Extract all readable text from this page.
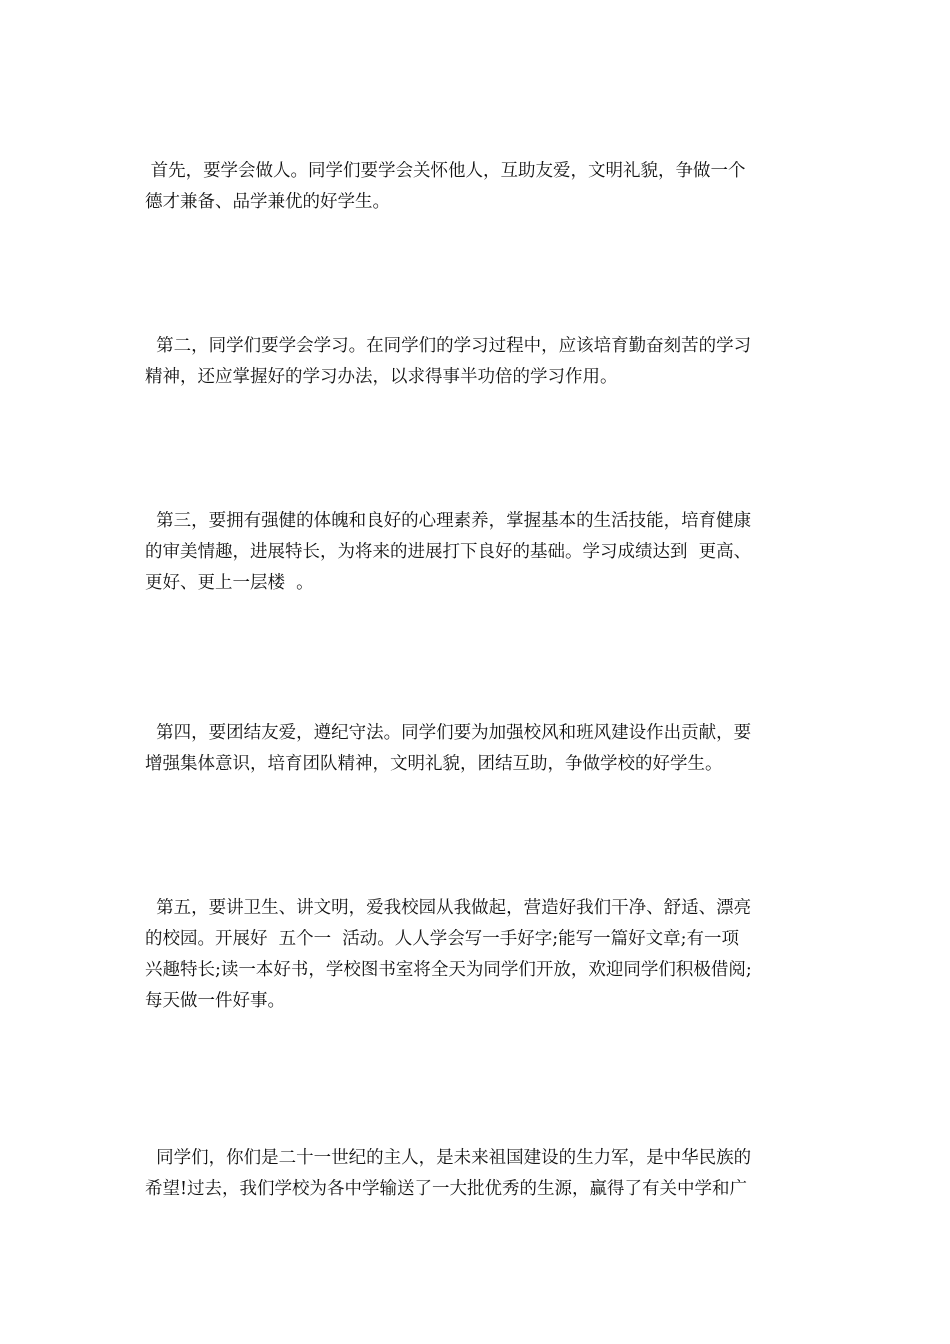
首先，要学会做人。同学们要学会关怀他人，互助友爱，文明礼貌，争做一个
德才兼备、品学兼优的好学生。
第二，同学们要学会学习。在同学们的学习过程中，应该培育勤奋刻苦的学习
精神，还应掌握好的学习办法，以求得事半功倍的学习作用。
第三，要拥有强健的体魄和良好的心理素养，掌握基本的生活技能，培育健康
的审美情趣，进展特长，为将来的进展打下良好的基础。学习成绩达到  更高、
更好、更上一层楼  。
第四，要团结友爱，遵纪守法。同学们要为加强校风和班风建设作出贡献，要
增强集体意识，培育团队精神，文明礼貌，团结互助，争做学校的好学生。
第五，要讲卫生、讲文明，爱我校园从我做起，营造好我们干净、舒适、漂亮
的校园。开展好  五个一  活动。人人学会写一手好字;能写一篇好文章;有一项
兴趣特长;读一本好书，学校图书室将全天为同学们开放，欢迎同学们积极借阅;
每天做一件好事。
同学们，你们是二十一世纪的主人，是未来祖国建设的生力军，是中华民族的
希望!过去，我们学校为各中学输送了一大批优秀的生源，赢得了有关中学和广
